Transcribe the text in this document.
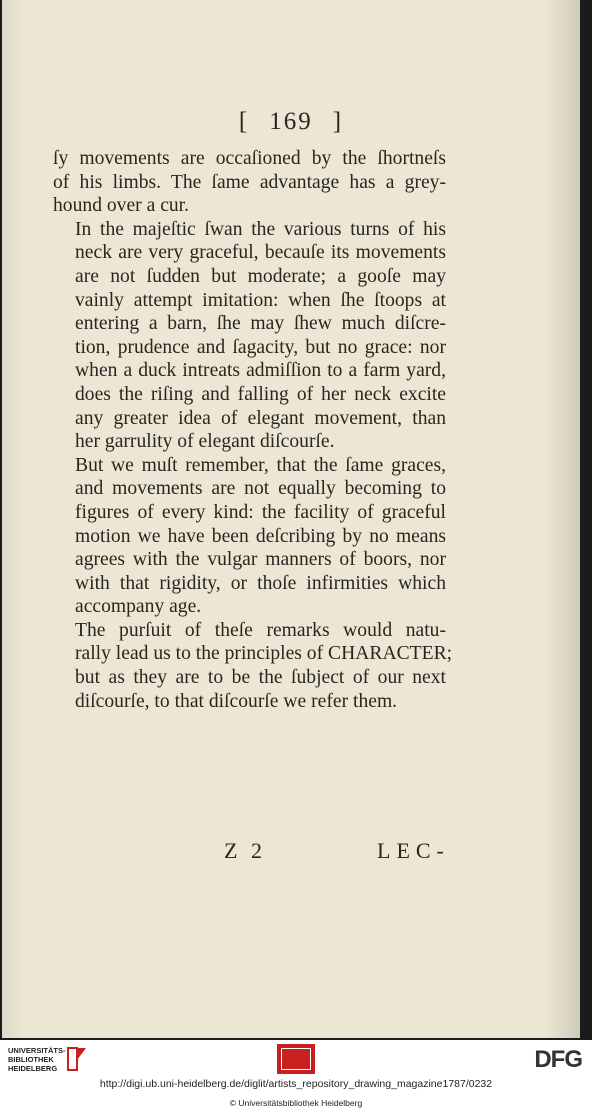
[ 169 ]

ſy movements are occaſioned by the ſhortneſs
of his limbs. The ſame advantage has a grey-
hound over a cur.

In the majeſtic ſwan the various turns of his
neck are very graceful, becauſe its movements
are not ſudden but moderate; a gooſe may
vainly attempt imitation: when ſhe ſtoops at
entering a barn, ſhe may ſhew much diſcre-
tion, prudence and ſagacity, but no grace: nor
when a duck intreats admiſſion to a farm yard,
does the riſing and falling of her neck excite
any greater idea of elegant movement, than
her garrulity of elegant diſcourſe.

But we muſt remember, that the ſame graces,
and movements are not equally becoming to
figures of every kind: the facility of graceful
motion we have been deſcribing by no means
agrees with the vulgar manners of boors, nor
with that rigidity, or thoſe infirmities which
accompany age.

The purſuit of theſe remarks would natu-
rally lead us to the principles of CHARACTER;
but as they are to be the ſubject of our next
diſcourſe, to that diſcourſe we refer them.

Z 2	LEC-
UNIVERSITÄTS-
BIBLIOTHEK
HEIDELBERG	DFG
http://digi.ub.uni-heidelberg.de/diglit/artists_repository_drawing_magazine1787/0232
© Universitätsbibliothek Heidelberg
